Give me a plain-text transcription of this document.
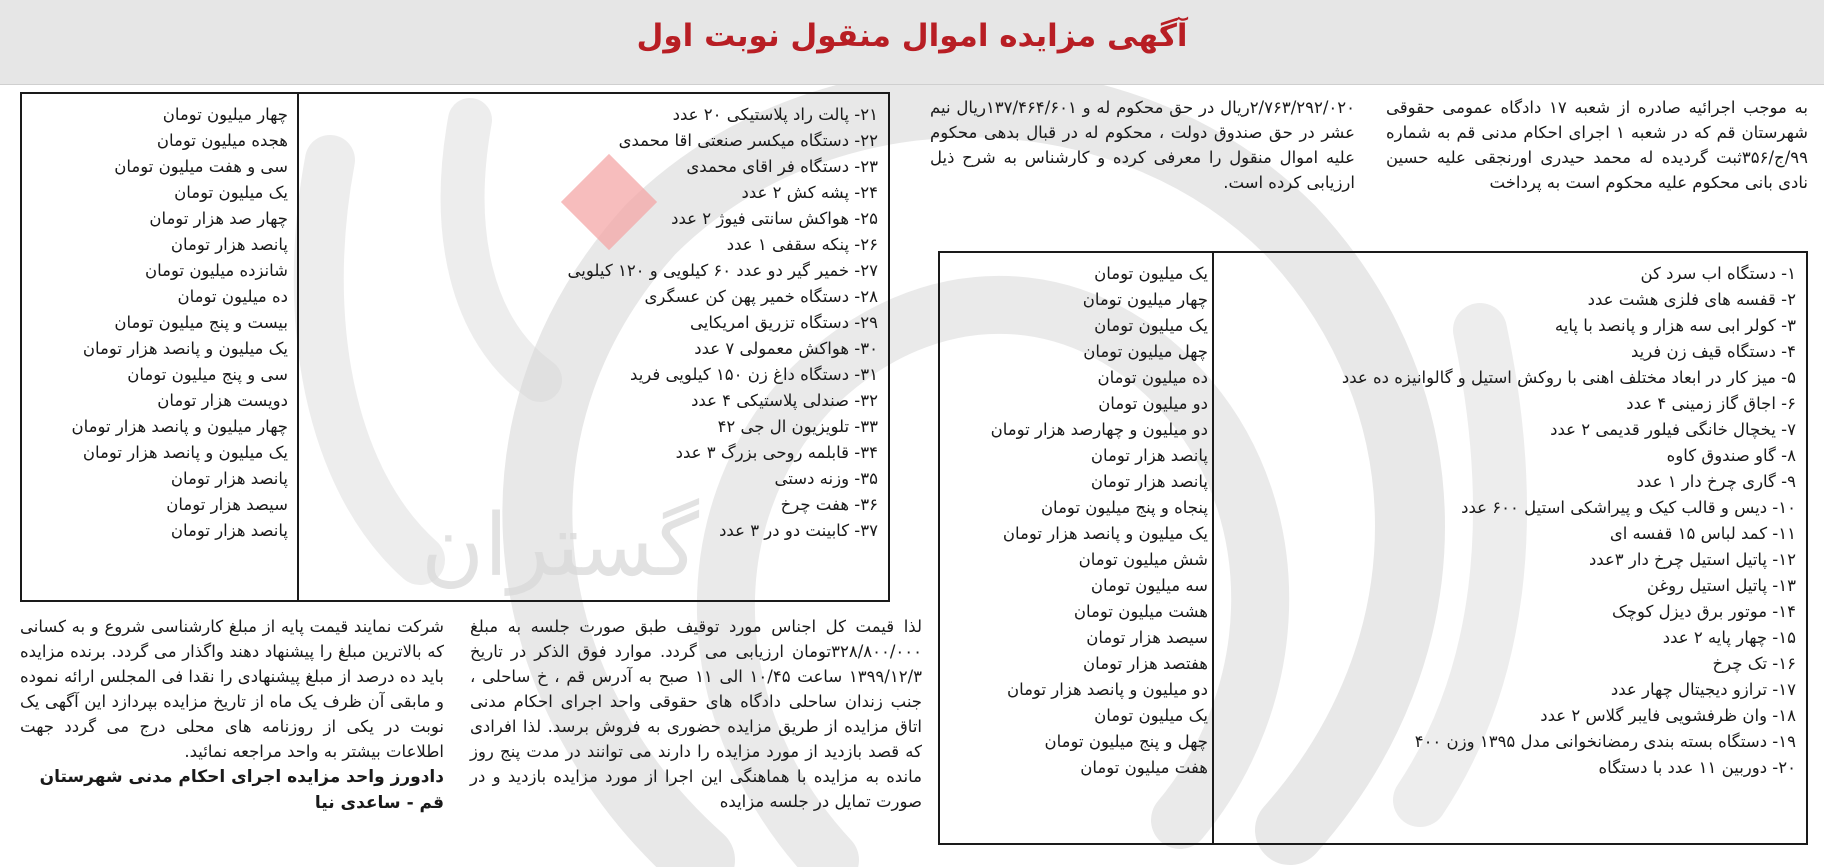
گستران
آگهی مزایده اموال منقول نوبت اول
به موجب اجرائیه صادره از شعبه ۱۷ دادگاه عمومی حقوقی شهرستان قم که در شعبه ۱ اجرای احکام مدنی قم به شماره ۹۹/ج/۳۵۶ثبت گردیده له محمد حیدری اورنجقی علیه حسین نادی بانی محکوم علیه محکوم است به پرداخت
۲/۷۶۳/۲۹۲/۰۲۰ریال در حق محکوم له و ۱۳۷/۴۶۴/۶۰۱ریال نیم عشر در حق صندوق دولت ، محکوم له در قبال بدهی محکوم علیه اموال منقول را معرفی کرده و کارشناس به شرح ذیل ارزیابی کرده است.
۱- دستگاه اب سرد کن
۲- قفسه های فلزی هشت عدد
۳- کولر ابی سه هزار و پانصد با پایه
۴- دستگاه قیف زن فرید
۵- میز کار در ابعاد مختلف اهنی با روکش استیل و گالوانیزه ده عدد
۶- اجاق گاز زمینی ۴ عدد
۷- یخچال خانگی فیلور قدیمی ۲ عدد
۸- گاو صندوق کاوه
۹- گاری چرخ دار ۱ عدد
۱۰- دیس و قالب کیک و پیراشکی استیل ۶۰۰ عدد
۱۱- کمد لباس ۱۵ قفسه ای
۱۲- پاتیل استیل چرخ دار ۳عدد
۱۳- پاتیل استیل روغن
۱۴- موتور برق دیزل کوچک
۱۵- چهار پایه ۲ عدد
۱۶- تک چرخ
۱۷- ترازو دیجیتال چهار عدد
۱۸- وان ظرفشویی فایبر گلاس ۲ عدد
۱۹- دستگاه بسته بندی رمضانخوانی مدل ۱۳۹۵ وزن ۴۰۰
۲۰- دوربین ۱۱ عدد با دستگاه
یک میلیون تومان
چهار میلیون تومان
یک میلیون تومان
چهل میلیون تومان
ده میلیون تومان
دو میلیون تومان
دو میلیون و چهارصد هزار تومان
پانصد هزار تومان
پانصد هزار تومان
پنجاه و پنج میلیون تومان
یک میلیون و پانصد هزار تومان
شش میلیون تومان
سه میلیون تومان
هشت میلیون تومان
سیصد هزار تومان
هفتصد هزار تومان
دو میلیون و پانصد هزار تومان
یک میلیون تومان
چهل و پنج میلیون تومان
هفت میلیون تومان
۲۱- پالت راد پلاستیکی ۲۰ عدد
۲۲- دستگاه میکسر صنعتی اقا محمدی
۲۳- دستگاه فر اقای محمدی
۲۴- پشه کش ۲ عدد
۲۵- هواکش سانتی فیوژ ۲ عدد
۲۶- پنکه سقفی ۱ عدد
۲۷- خمیر گیر دو عدد ۶۰ کیلویی و ۱۲۰ کیلویی
۲۸- دستگاه خمیر پهن کن عسگری
۲۹- دستگاه تزریق امریکایی
۳۰- هواکش معمولی ۷ عدد
۳۱- دستگاه داغ زن ۱۵۰ کیلویی فرید
۳۲- صندلی پلاستیکی ۴ عدد
۳۳- تلویزیون ال جی ۴۲
۳۴- قابلمه روحی بزرگ ۳ عدد
۳۵- وزنه دستی
۳۶- هفت چرخ
۳۷- کابینت دو در ۳ عدد
چهار میلیون تومان
هجده میلیون تومان
سی و هفت میلیون تومان
یک میلیون تومان
چهار صد هزار تومان
پانصد هزار تومان
شانزده میلیون تومان
ده میلیون تومان
بیست و پنج میلیون تومان
یک میلیون و پانصد هزار تومان
سی و پنج میلیون تومان
دویست هزار تومان
چهار میلیون و پانصد هزار تومان
یک میلیون و پانصد هزار تومان
پانصد هزار تومان
سیصد هزار تومان
پانصد هزار تومان
لذا قیمت کل اجناس مورد توقیف طبق صورت جلسه به مبلغ ۳۲۸/۸۰۰/۰۰۰تومان ارزیابی می گردد. موارد فوق الذکر در تاریخ ۱۳۹۹/۱۲/۳ ساعت ۱۰/۴۵ الی ۱۱ صبح به آدرس قم ، خ ساحلی ، جنب زندان ساحلی دادگاه های حقوقی واحد اجرای احکام مدنی اتاق مزایده از طریق مزایده حضوری به فروش برسد. لذا افرادی که قصد بازدید از مورد مزایده را دارند می توانند در مدت پنج روز مانده به مزایده با هماهنگی این اجرا از مورد مزایده بازدید و در صورت تمایل در جلسه مزایده
شرکت نمایند قیمت پایه از مبلغ کارشناسی شروع و به کسانی که بالاترین مبلغ را پیشنهاد دهند واگذار می گردد. برنده مزایده باید ده درصد از مبلغ پیشنهادی را نقدا فی المجلس ارائه نموده و مابقی آن ظرف یک ماه از تاریخ مزایده بپردازد این آگهی یک نوبت در یکی از روزنامه های محلی درج می گردد جهت اطلاعات بیشتر به واحد مراجعه نمائید.
دادورز واحد مزایده اجرای احکام مدنی شهرستان
قم - ساعدی نیا
